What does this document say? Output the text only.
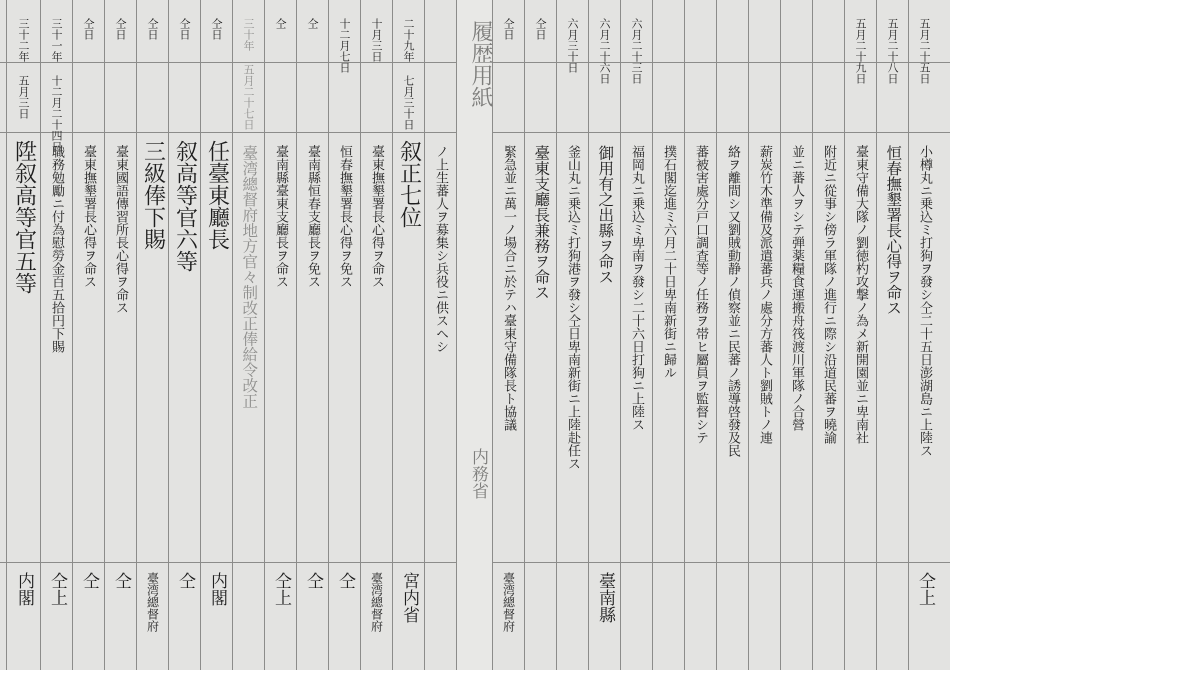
五月二十五日
小樽丸ニ乗込ミ打狗ヲ發シ仝二十五日澎湖島ニ上陸ス
仝上
五月二十八日
恒春撫墾署長心得ヲ命ス
五月二十九日
臺東守備大隊ノ劉徳杓攻撃ノ為メ新開園並ニ卑南社
附近ニ從事シ傍ラ軍隊ノ進行ニ際シ沿道民蕃ヲ曉諭
並ニ蕃人ヲシテ弾薬糧食運搬舟筏渡川軍隊ノ合營
薪炭竹木準備及派遣蕃兵ノ處分方蕃人ト劉賊トノ連
絡ヲ離間シ又劉賊動静ノ偵察並ニ民蕃ノ誘導啓發及民
蕃被害處分戸口調査等ノ任務ヲ帯ヒ屬員ヲ監督シテ
撲石閣迄進ミ六月二十日卑南新街ニ歸ル
六月二十三日
福岡丸ニ乗込ミ卑南ヲ發シ二十六日打狗ニ上陸ス
六月二十六日
御用有之出縣ヲ命ス
臺南縣
六月三十日
釜山丸ニ乗込ミ打狗港ヲ發シ仝日卑南新街ニ上陸赴任ス
仝日
臺東支廳長兼務ヲ命ス
仝日
緊急並ニ萬一ノ場合ニ於テハ臺東守備隊長ト協議
臺湾總督府
履歴用紙
内務省
ノ上生蕃人ヲ募集シ兵役ニ供スヘシ
二十九年 七月三十日
叙正七位
宮内省
十月三日
臺東撫墾署長心得ヲ命ス
臺湾總督府
十二月七日
恒春撫墾署長心得ヲ免ス
仝
仝
臺南縣恒春支廳長ヲ免ス
仝
仝
臺南縣臺東支廳長ヲ命ス
仝上
三十年 五月二十七日
臺湾總督府地方官々制改正俸給令改正
仝日
任臺東廳長
内閣
仝日
叙高等官六等
仝
仝日
三級俸下賜
臺湾總督府
仝日
臺東國語傳習所長心得ヲ命ス
仝
仝日
臺東撫墾署長心得ヲ命ス
仝
三十一年 十二月二十四日
職務勉勵ニ付為慰勞金百五拾円下賜
仝上
三十二年 五月三日
陞叙高等官五等
内閣
